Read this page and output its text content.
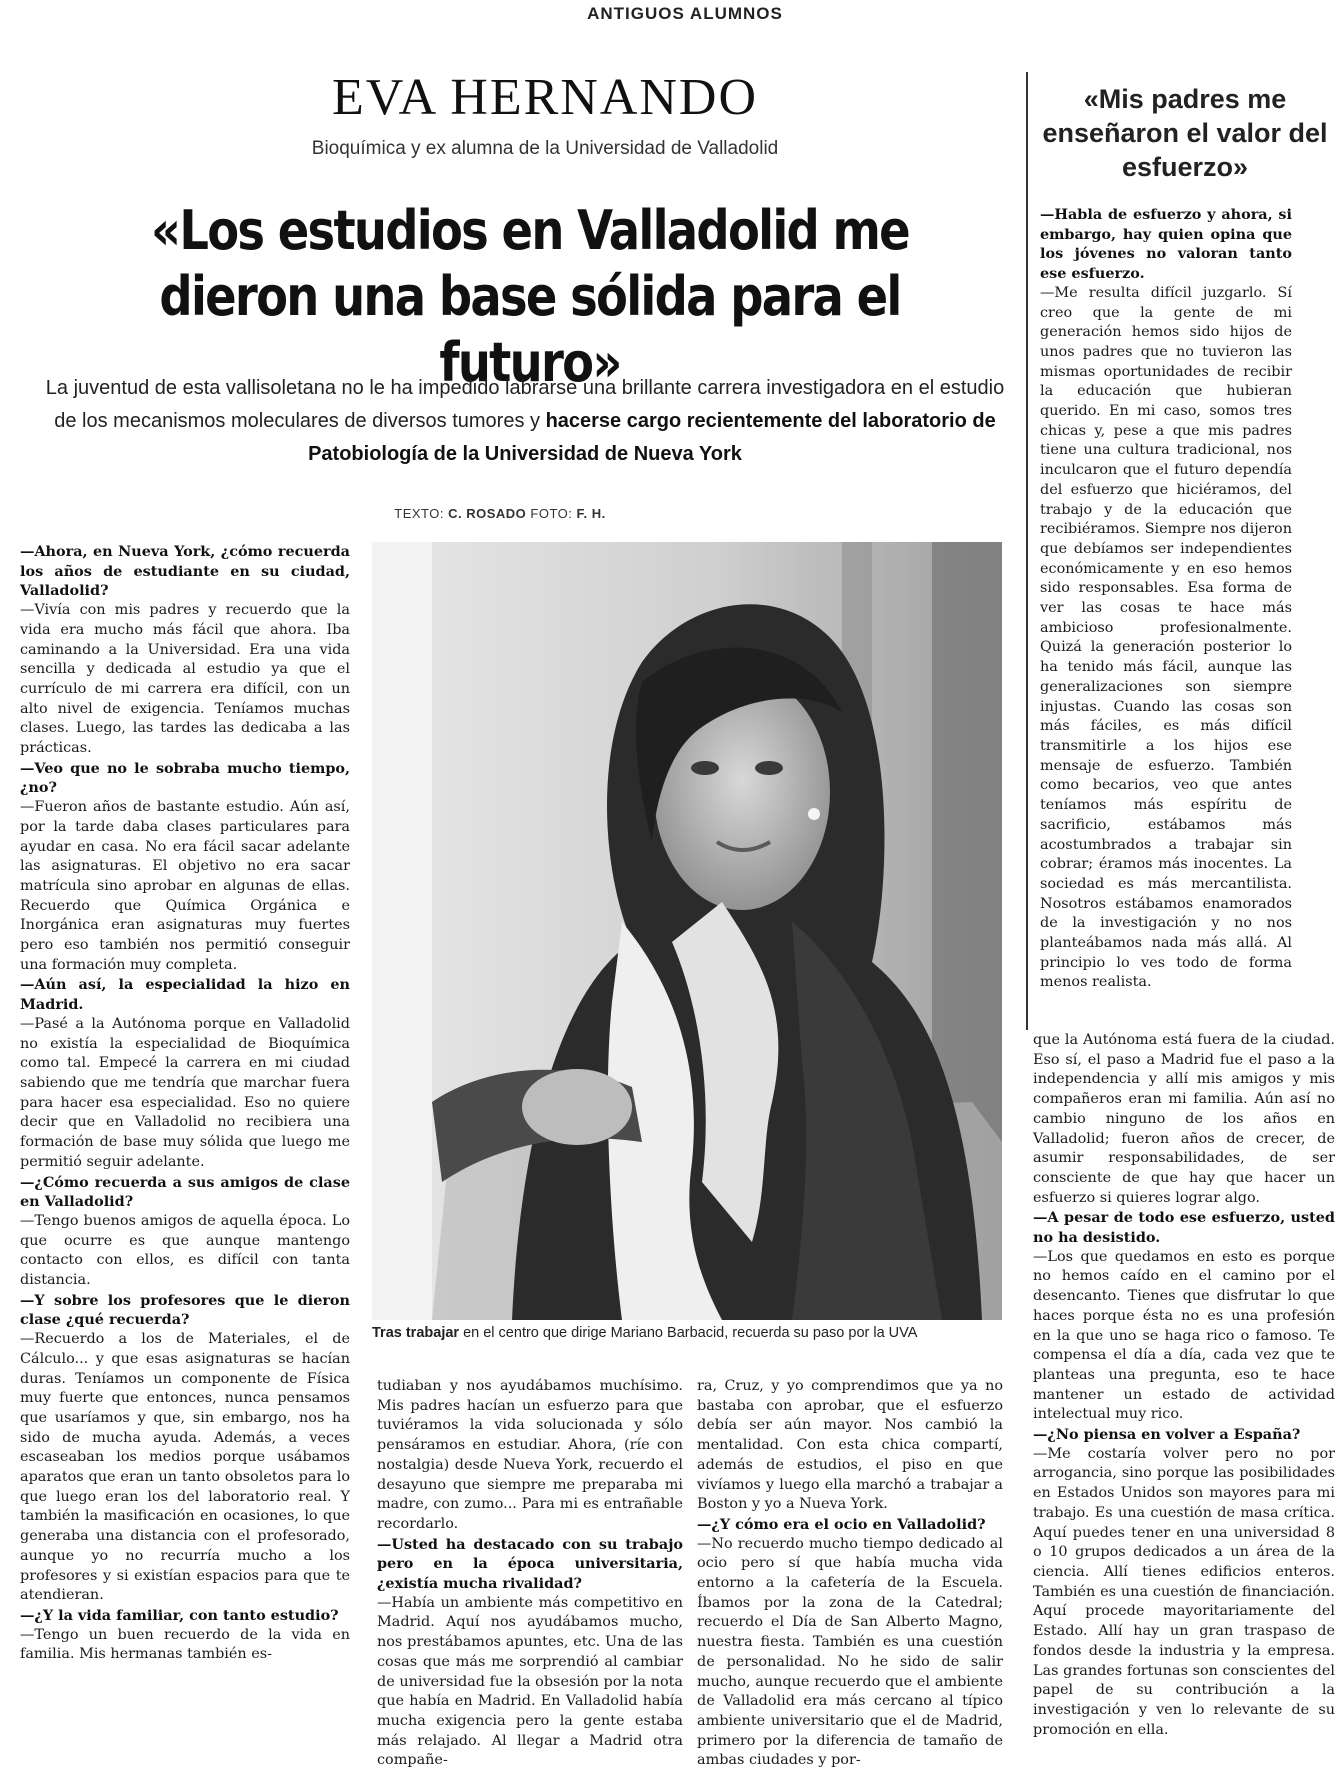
ANTIGUOS ALUMNOS
EVA HERNANDO
Bioquímica y ex alumna de la Universidad de Valladolid
«Los estudios en Valladolid me dieron una base sólida para el futuro»
La juventud de esta vallisoletana no le ha impedido labrarse una brillante carrera investigadora en el estudio de los mecanismos moleculares de diversos tumores y hacerse cargo recientemente del laboratorio de Patobiología de la Universidad de Nueva York
TEXTO: C. ROSADO FOTO: F. H.
«Mis padres me enseñaron el valor del esfuerzo»

—Habla de esfuerzo y ahora, si embargo, hay quien opina que los jóvenes no valoran tanto ese esfuerzo.

—Me resulta difícil juzgarlo. Sí creo que la gente de mi generación hemos sido hijos de unos padres que no tuvieron las mismas oportunidades de recibir la educación que hubieran querido. En mi caso, somos tres chicas y, pese a que mis padres tiene una cultura tradicional, nos inculcaron que el futuro dependía del esfuerzo que hiciéramos, del trabajo y de la educación que recibiéramos. Siempre nos dijeron que debíamos ser independientes económicamente y en eso hemos sido responsables. Esa forma de ver las cosas te hace más ambicioso profesionalmente. Quizá la generación posterior lo ha tenido más fácil, aunque las generalizaciones son siempre injustas. Cuando las cosas son más fáciles, es más difícil transmitirle a los hijos ese mensaje de esfuerzo. También como becarios, veo que antes teníamos más espíritu de sacrificio, estábamos más acostumbrados a trabajar sin cobrar; éramos más inocentes. La sociedad es más mercantilista. Nosotros estábamos enamorados de la investigación y no nos planteábamos nada más allá. Al principio lo ves todo de forma menos realista.

—Ahora, en Nueva York, ¿cómo recuerda los años de estudiante en su ciudad, Valladolid?

—Vivía con mis padres y recuerdo que la vida era mucho más fácil que ahora. Iba caminando a la Universidad. Era una vida sencilla y dedicada al estudio ya que el currículo de mi carrera era difícil, con un alto nivel de exigencia. Teníamos muchas clases. Luego, las tardes las dedicaba a las prácticas.

—Veo que no le sobraba mucho tiempo, ¿no?

—Fueron años de bastante estudio. Aún así, por la tarde daba clases particulares para ayudar en casa. No era fácil sacar adelante las asignaturas. El objetivo no era sacar matrícula sino aprobar en algunas de ellas. Recuerdo que Química Orgánica e Inorgánica eran asignaturas muy fuertes pero eso también nos permitió conseguir una formación muy completa.

—Aún así, la especialidad la hizo en Madrid.

—Pasé a la Autónoma porque en Valladolid no existía la especialidad de Bioquímica como tal. Empecé la carrera en mi ciudad sabiendo que me tendría que marchar fuera para hacer esa especialidad. Eso no quiere decir que en Valladolid no recibiera una formación de base muy sólida que luego me permitió seguir adelante.

—¿Cómo recuerda a sus amigos de clase en Valladolid?

—Tengo buenos amigos de aquella época. Lo que ocurre es que aunque mantengo contacto con ellos, es difícil con tanta distancia.

—Y sobre los profesores que le dieron clase ¿qué recuerda?

—Recuerdo a los de Materiales, el de Cálculo... y que esas asignaturas se hacían duras. Teníamos un componente de Física muy fuerte que entonces, nunca pensamos que usaríamos y que, sin embargo, nos ha sido de mucha ayuda. Además, a veces escaseaban los medios porque usábamos aparatos que eran un tanto obsoletos para lo que luego eran los del laboratorio real. Y también la masificación en ocasiones, lo que generaba una distancia con el profesorado, aunque yo no recurría mucho a los profesores y si existían espacios para que te atendieran.

—¿Y la vida familiar, con tanto estudio?

—Tengo un buen recuerdo de la vida en familia. Mis hermanas también es-

Tras trabajar en el centro que dirige Mariano Barbacid, recuerda su paso por la UVA

tudiaban y nos ayudábamos muchísimo. Mis padres hacían un esfuerzo para que tuviéramos la vida solucionada y sólo pensáramos en estudiar. Ahora, (ríe con nostalgia) desde Nueva York, recuerdo el desayuno que siempre me preparaba mi madre, con zumo... Para mi es entrañable recordarlo.

—Usted ha destacado con su trabajo pero en la época universitaria, ¿existía mucha rivalidad?

—Había un ambiente más competitivo en Madrid. Aquí nos ayudábamos mucho, nos prestábamos apuntes, etc. Una de las cosas que más me sorprendió al cambiar de universidad fue la obsesión por la nota que había en Madrid. En Valladolid había mucha exigencia pero la gente estaba más relajado. Al llegar a Madrid otra compañe-

ra, Cruz, y yo comprendimos que ya no bastaba con aprobar, que el esfuerzo debía ser aún mayor. Nos cambió la mentalidad. Con esta chica compartí, además de estudios, el piso en que vivíamos y luego ella marchó a trabajar a Boston y yo a Nueva York.

—¿Y cómo era el ocio en Valladolid?

—No recuerdo mucho tiempo dedicado al ocio pero sí que había mucha vida entorno a la cafetería de la Escuela. Íbamos por la zona de la Catedral; recuerdo el Día de San Alberto Magno, nuestra fiesta. También es una cuestión de personalidad. No he sido de salir mucho, aunque recuerdo que el ambiente de Valladolid era más cercano al típico ambiente universitario que el de Madrid, primero por la diferencia de tamaño de ambas ciudades y por-

que la Autónoma está fuera de la ciudad. Eso sí, el paso a Madrid fue el paso a la independencia y allí mis amigos y mis compañeros eran mi familia. Aún así no cambio ninguno de los años en Valladolid; fueron años de crecer, de asumir responsabilidades, de ser consciente de que hay que hacer un esfuerzo si quieres lograr algo.

—A pesar de todo ese esfuerzo, usted no ha desistido.

—Los que quedamos en esto es porque no hemos caído en el camino por el desencanto. Tienes que disfrutar lo que haces porque ésta no es una profesión en la que uno se haga rico o famoso. Te compensa el día a día, cada vez que te planteas una pregunta, eso te hace mantener un estado de actividad intelectual muy rico.

—¿No piensa en volver a España?

—Me costaría volver pero no por arrogancia, sino porque las posibilidades en Estados Unidos son mayores para mi trabajo. Es una cuestión de masa crítica. Aquí puedes tener en una universidad 8 o 10 grupos dedicados a un área de la ciencia. Allí tienes edificios enteros. También es una cuestión de financiación. Aquí procede mayoritariamente del Estado. Allí hay un gran traspaso de fondos desde la industria y la empresa. Las grandes fortunas son conscientes del papel de su contribución a la investigación y ven lo relevante de su promoción en ella.
